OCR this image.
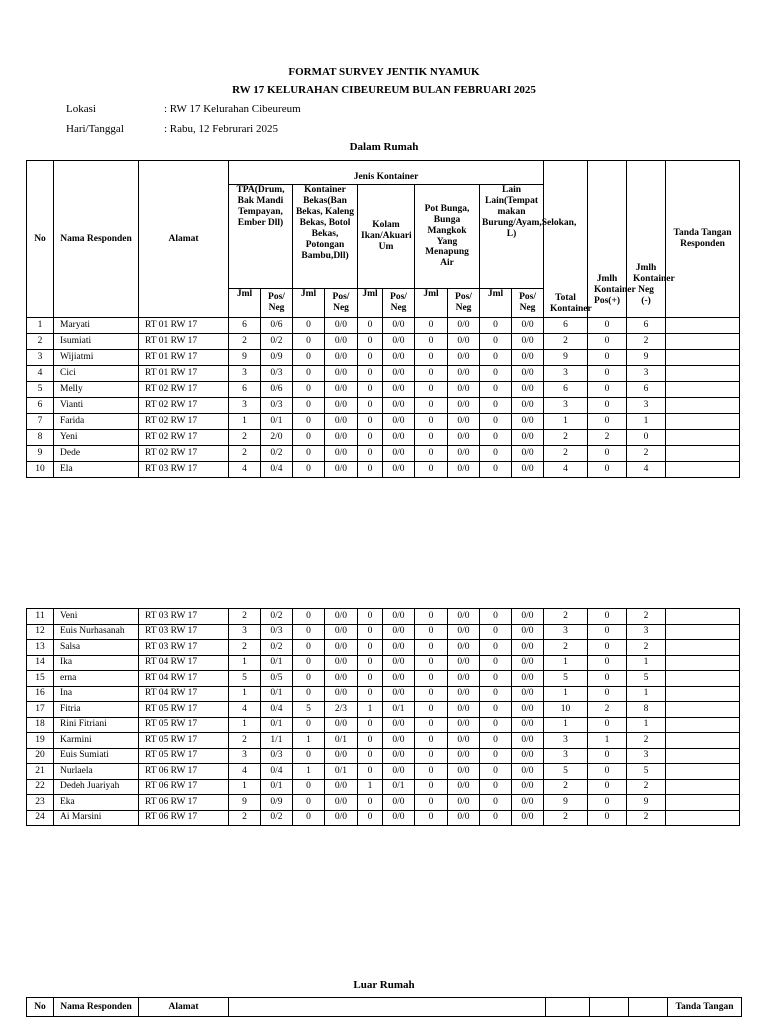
FORMAT SURVEY JENTIK NYAMUK
RW 17 KELURAHAN CIBEUREUM BULAN FEBRUARI 2025
Lokasi	: RW 17 Kelurahan Cibeureum
Hari/Tanggal	: Rabu, 12 Februrari 2025
Dalam Rumah
No	Nama Responden	Alamat	Jenis Kontainer										Total Kontainer	Jmlh Kontainer Pos(+)	Jmlh Kontainer Neg (-)	Tanda Tangan Responden
			TPA(Drum, Bak Mandi Tempayan, Ember Dll)		Kontainer Bekas(Ban Bekas, Kaleng Bekas, Botol Bekas, Potongan Bambu,Dll)		Kolam Ikan/Akuari Um		Pot Bunga, Bunga Mangkok Yang Menapung Air		Lain Lain(Tempat makan Burung/Ayam,Selokan, L)					
			Jml	Pos/ Neg	Jml	Pos/ Neg	Jml	Pos/ Neg	Jml	Pos/ Neg	Jml	Pos/ Neg				
1	Maryati	RT 01 RW 17	6	0/6	0	0/0	0	0/0	0	0/0	0	0/0	6	0	6	
2	Isumiati	RT 01 RW 17	2	0/2	0	0/0	0	0/0	0	0/0	0	0/0	2	0	2	
3	Wijiatmi	RT 01 RW 17	9	0/9	0	0/0	0	0/0	0	0/0	0	0/0	9	0	9	
4	Cici	RT 01 RW 17	3	0/3	0	0/0	0	0/0	0	0/0	0	0/0	3	0	3	
5	Melly	RT 02 RW 17	6	0/6	0	0/0	0	0/0	0	0/0	0	0/0	6	0	6	
6	Vianti	RT 02 RW 17	3	0/3	0	0/0	0	0/0	0	0/0	0	0/0	3	0	3	
7	Farida	RT 02 RW 17	1	0/1	0	0/0	0	0/0	0	0/0	0	0/0	1	0	1	
8	Yeni	RT 02 RW 17	2	2/0	0	0/0	0	0/0	0	0/0	0	0/0	2	2	0	
9	Dede	RT 02 RW 17	2	0/2	0	0/0	0	0/0	0	0/0	0	0/0	2	0	2	
10	Ela	RT 03 RW 17	4	0/4	0	0/0	0	0/0	0	0/0	0	0/0	4	0	4	
11	Veni	RT 03 RW 17	2	0/2	0	0/0	0	0/0	0	0/0	0	0/0	2	0	2	
12	Euis Nurhasanah	RT 03 RW 17	3	0/3	0	0/0	0	0/0	0	0/0	0	0/0	3	0	3	
13	Salsa	RT 03 RW 17	2	0/2	0	0/0	0	0/0	0	0/0	0	0/0	2	0	2	
14	Ika	RT 04 RW 17	1	0/1	0	0/0	0	0/0	0	0/0	0	0/0	1	0	1	
15	erna	RT 04 RW 17	5	0/5	0	0/0	0	0/0	0	0/0	0	0/0	5	0	5	
16	Ina	RT 04 RW 17	1	0/1	0	0/0	0	0/0	0	0/0	0	0/0	1	0	1	
17	Fitria	RT 05 RW 17	4	0/4	5	2/3	1	0/1	0	0/0	0	0/0	10	2	8	
18	Rini Fitriani	RT 05 RW 17	1	0/1	0	0/0	0	0/0	0	0/0	0	0/0	1	0	1	
19	Karmini	RT 05 RW 17	2	1/1	1	0/1	0	0/0	0	0/0	0	0/0	3	1	2	
20	Euis Sumiati	RT 05 RW 17	3	0/3	0	0/0	0	0/0	0	0/0	0	0/0	3	0	3	
21	Nurlaela	RT 06 RW 17	4	0/4	1	0/1	0	0/0	0	0/0	0	0/0	5	0	5	
22	Dedeh Juariyah	RT 06 RW 17	1	0/1	0	0/0	1	0/1	0	0/0	0	0/0	2	0	2	
23	Eka	RT 06 RW 17	9	0/9	0	0/0	0	0/0	0	0/0	0	0/0	9	0	9	
24	Ai Marsini	RT 06 RW 17	2	0/2	0	0/0	0	0/0	0	0/0	0	0/0	2	0	2	
Luar Rumah
No	Nama Responden	Alamat					Tanda Tangan
